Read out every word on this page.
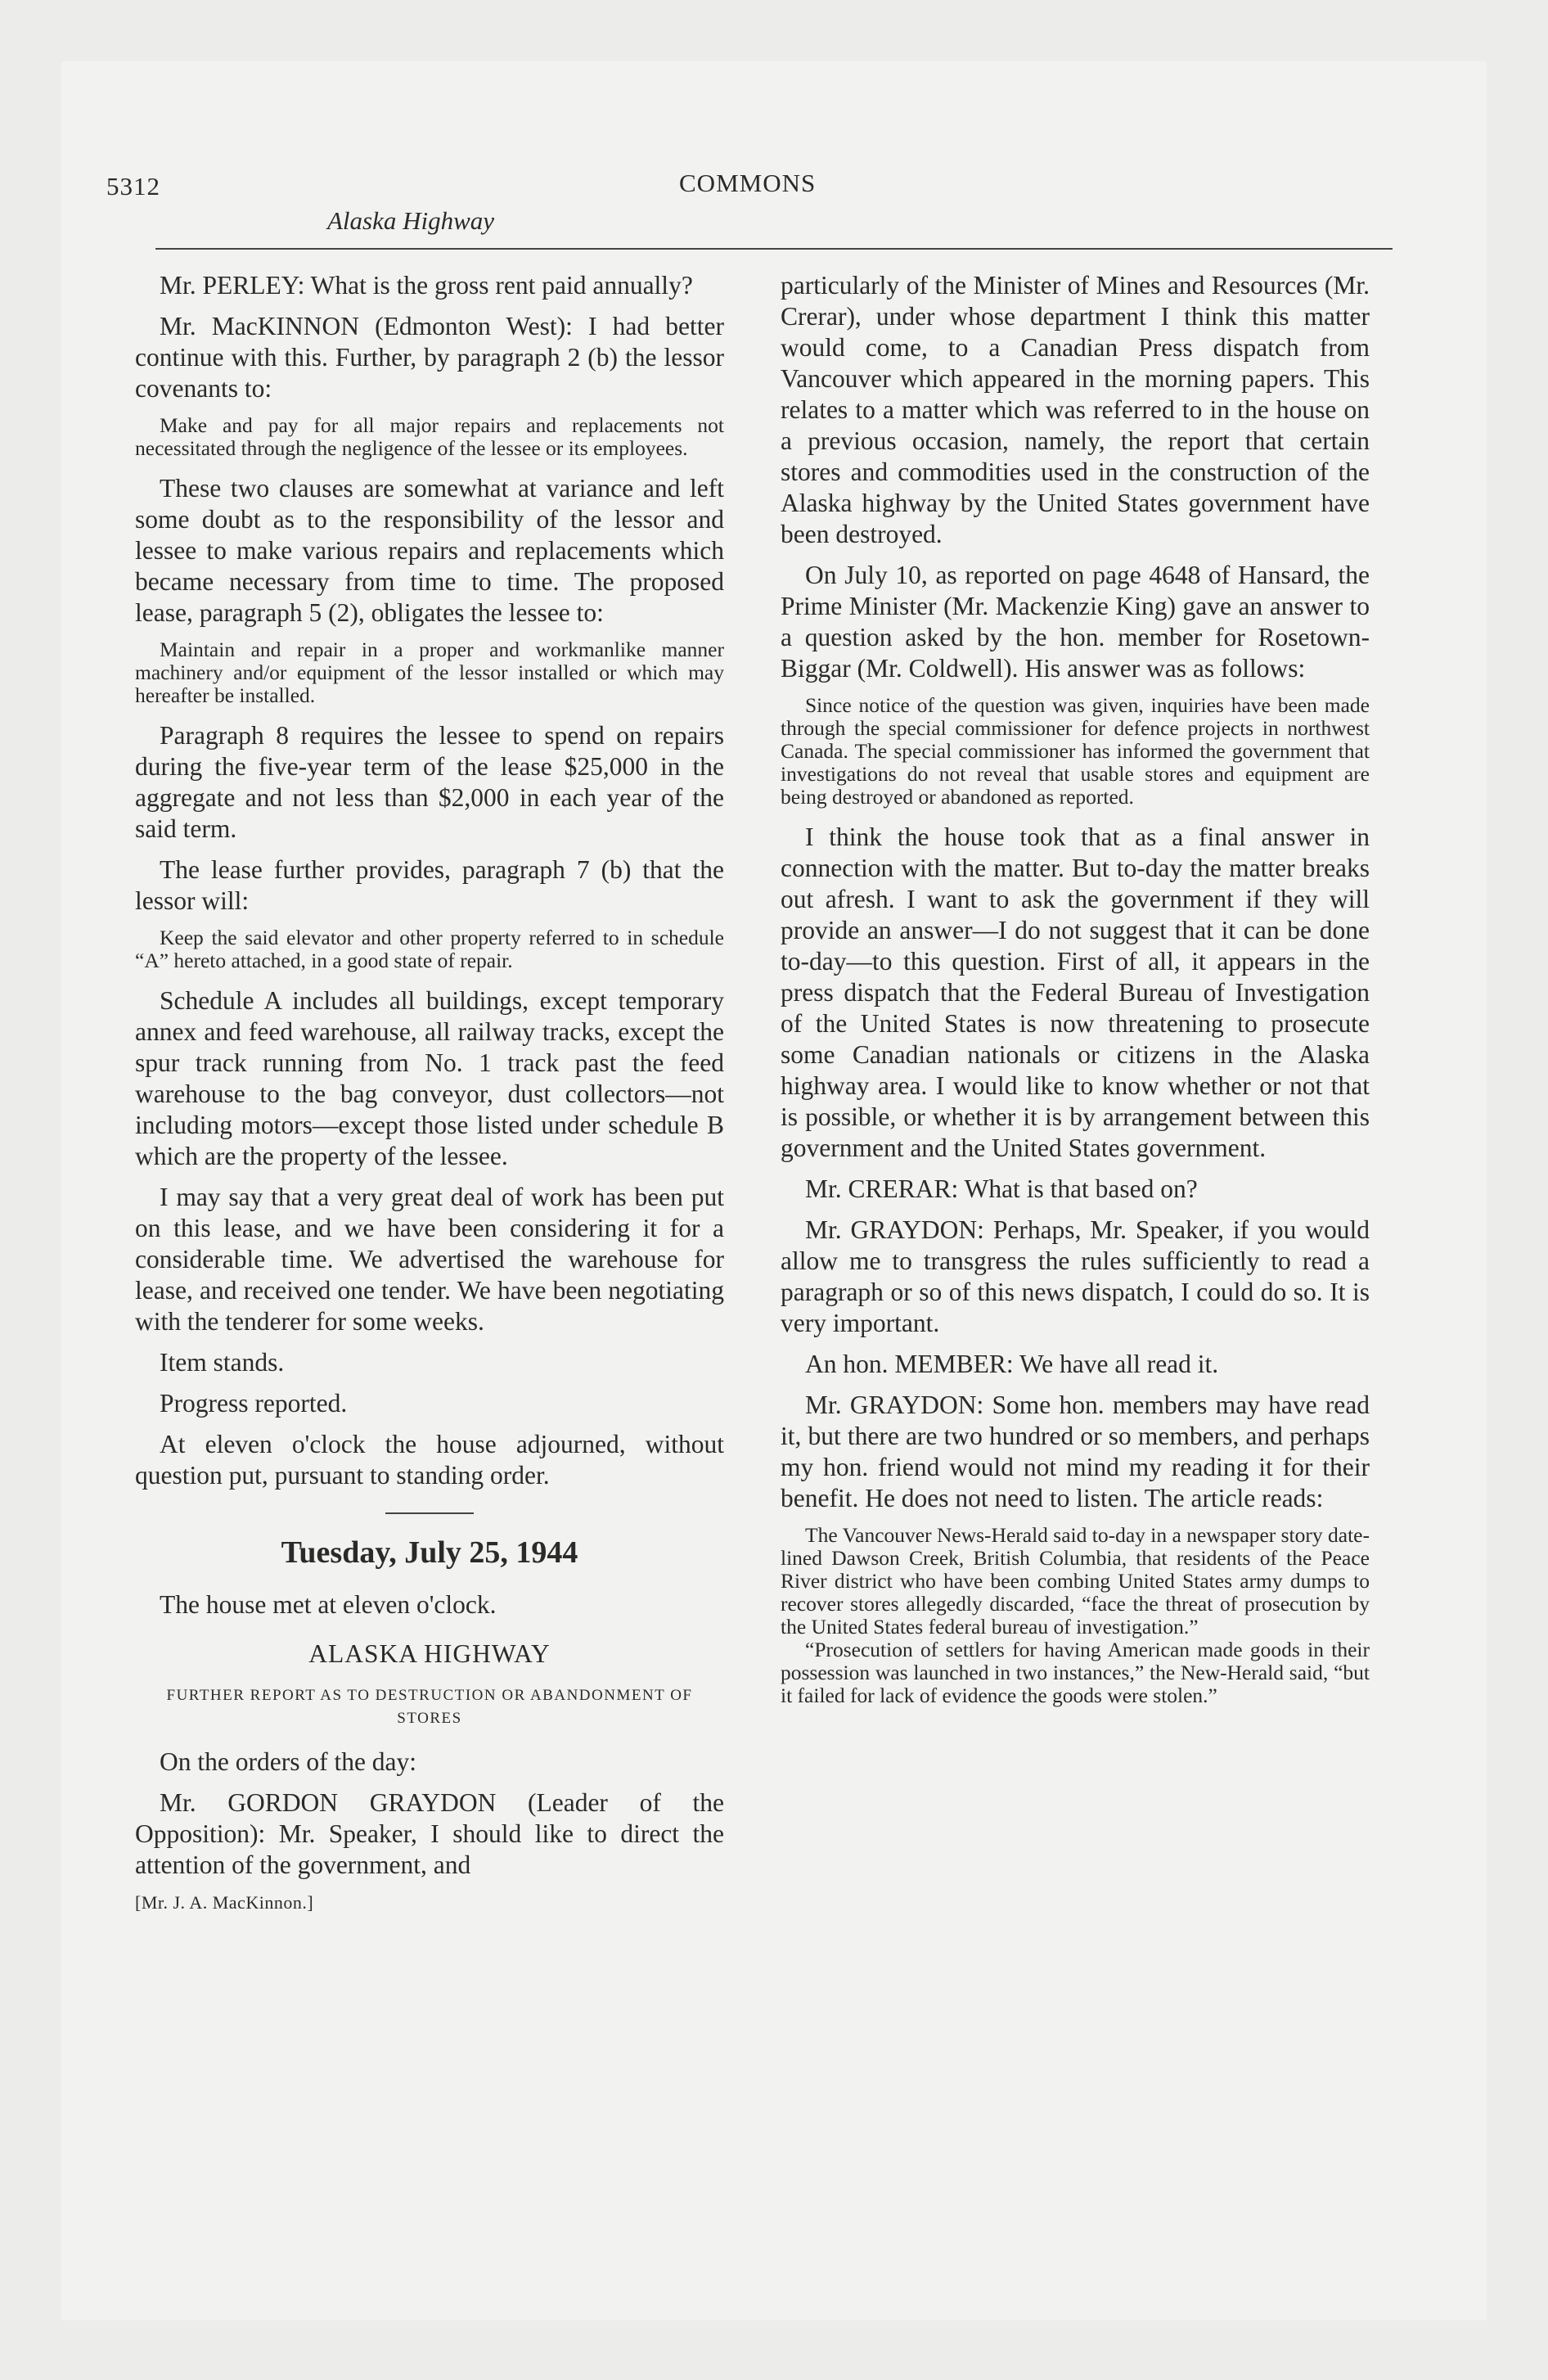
5312	COMMONS
Alaska Highway

Mr. PERLEY: What is the gross rent paid annually?

Mr. MacKINNON (Edmonton West): I had better continue with this. Further, by paragraph 2 (b) the lessor covenants to:

Make and pay for all major repairs and replacements not necessitated through the negligence of the lessee or its employees.

These two clauses are somewhat at variance and left some doubt as to the responsibility of the lessor and lessee to make various repairs and replacements which became necessary from time to time. The proposed lease, paragraph 5 (2), obligates the lessee to:

Maintain and repair in a proper and workmanlike manner machinery and/or equipment of the lessor installed or which may hereafter be installed.

Paragraph 8 requires the lessee to spend on repairs during the five-year term of the lease $25,000 in the aggregate and not less than $2,000 in each year of the said term.

The lease further provides, paragraph 7 (b) that the lessor will:

Keep the said elevator and other property referred to in schedule “A” hereto attached, in a good state of repair.

Schedule A includes all buildings, except temporary annex and feed warehouse, all railway tracks, except the spur track running from No. 1 track past the feed warehouse to the bag conveyor, dust collectors—not including motors—except those listed under schedule B which are the property of the lessee.

I may say that a very great deal of work has been put on this lease, and we have been considering it for a considerable time. We advertised the warehouse for lease, and received one tender. We have been negotiating with the tenderer for some weeks.

Item stands.

Progress reported.

At eleven o'clock the house adjourned, without question put, pursuant to standing order.

Tuesday, July 25, 1944

The house met at eleven o'clock.

ALASKA HIGHWAY
FURTHER REPORT AS TO DESTRUCTION OR ABANDONMENT OF STORES

On the orders of the day:

Mr. GORDON GRAYDON (Leader of the Opposition): Mr. Speaker, I should like to direct the attention of the government, and

[Mr. J. A. MacKinnon.]

particularly of the Minister of Mines and Resources (Mr. Crerar), under whose department I think this matter would come, to a Canadian Press dispatch from Vancouver which appeared in the morning papers. This relates to a matter which was referred to in the house on a previous occasion, namely, the report that certain stores and commodities used in the construction of the Alaska highway by the United States government have been destroyed.

On July 10, as reported on page 4648 of Hansard, the Prime Minister (Mr. Mackenzie King) gave an answer to a question asked by the hon. member for Rosetown-Biggar (Mr. Coldwell). His answer was as follows:

Since notice of the question was given, inquiries have been made through the special commissioner for defence projects in northwest Canada. The special commissioner has informed the government that investigations do not reveal that usable stores and equipment are being destroyed or abandoned as reported.

I think the house took that as a final answer in connection with the matter. But to-day the matter breaks out afresh. I want to ask the government if they will provide an answer—I do not suggest that it can be done to-day—to this question. First of all, it appears in the press dispatch that the Federal Bureau of Investigation of the United States is now threatening to prosecute some Canadian nationals or citizens in the Alaska highway area. I would like to know whether or not that is possible, or whether it is by arrangement between this government and the United States government.

Mr. CRERAR: What is that based on?

Mr. GRAYDON: Perhaps, Mr. Speaker, if you would allow me to transgress the rules sufficiently to read a paragraph or so of this news dispatch, I could do so. It is very important.

An hon. MEMBER: We have all read it.

Mr. GRAYDON: Some hon. members may have read it, but there are two hundred or so members, and perhaps my hon. friend would not mind my reading it for their benefit. He does not need to listen. The article reads:

The Vancouver News-Herald said to-day in a newspaper story date-lined Dawson Creek, British Columbia, that residents of the Peace River district who have been combing United States army dumps to recover stores allegedly discarded, “face the threat of prosecution by the United States federal bureau of investigation.”
“Prosecution of settlers for having American made goods in their possession was launched in two instances,” the New-Herald said, “but it failed for lack of evidence the goods were stolen.”
